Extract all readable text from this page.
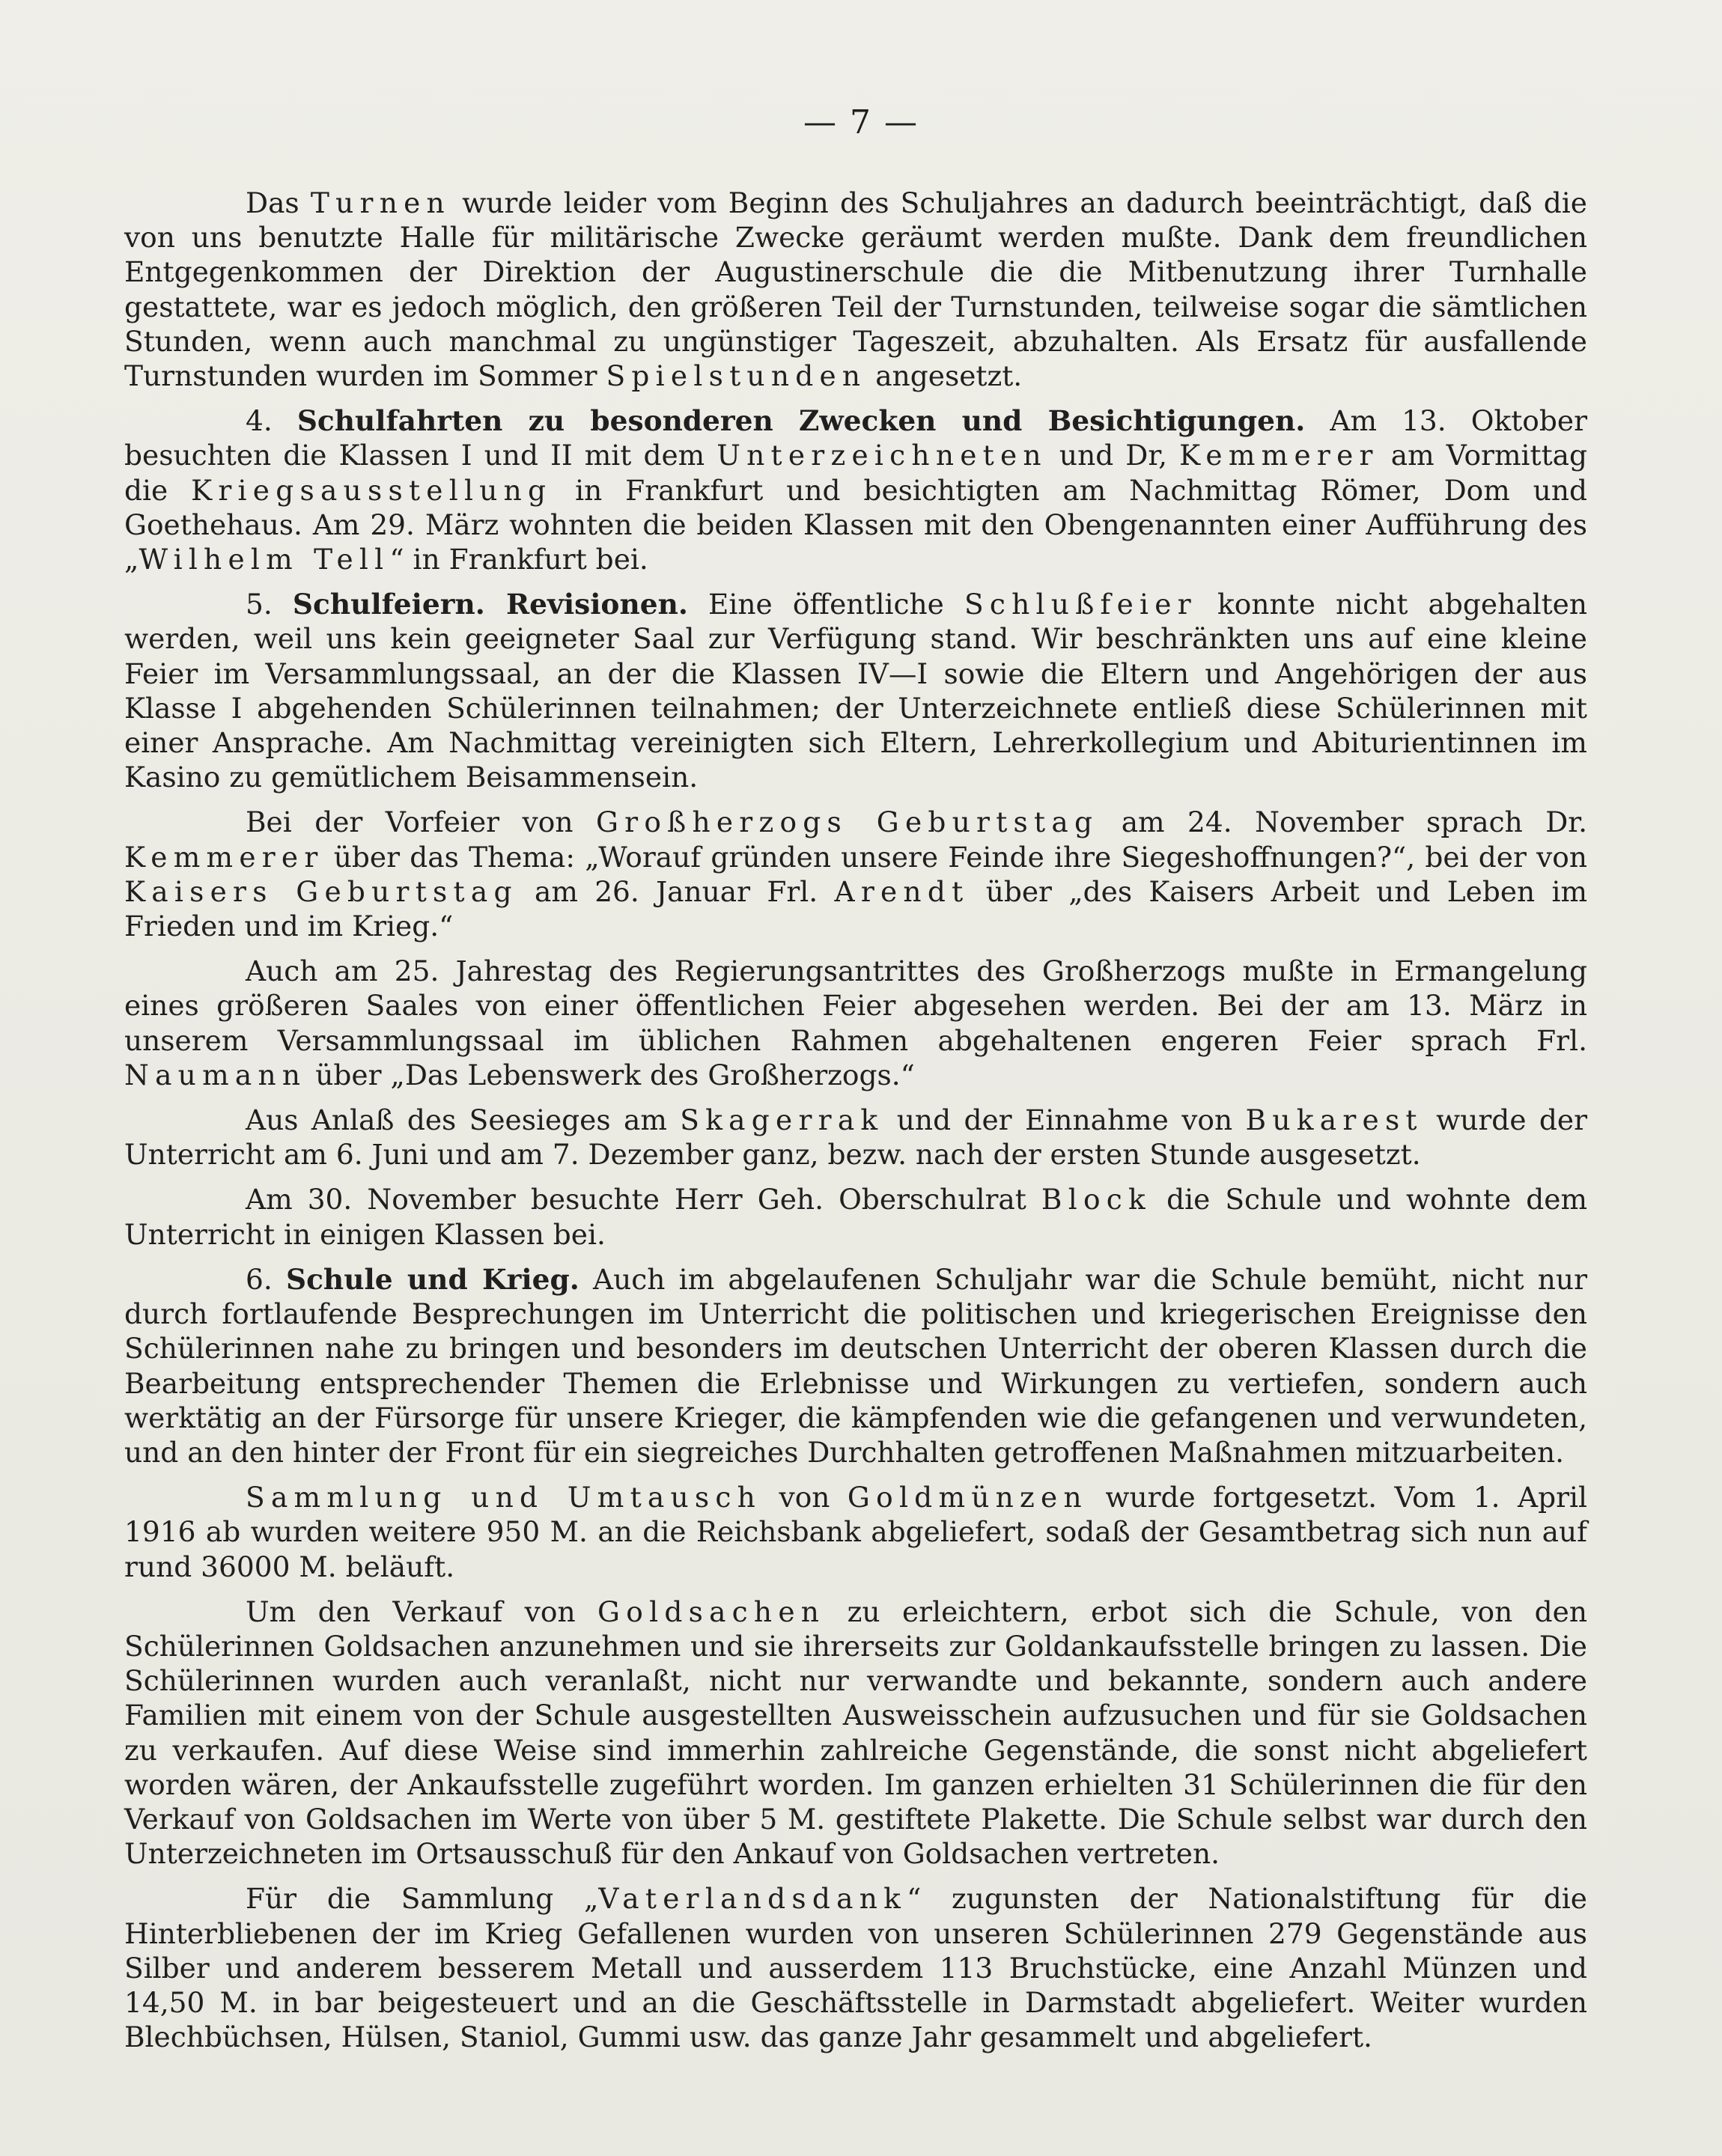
— 7 —

Das Turnen wurde leider vom Beginn des Schuljahres an dadurch beeinträchtigt, daß die von uns benutzte Halle für militärische Zwecke geräumt werden mußte. Dank dem freundlichen Entgegenkommen der Direktion der Augustinerschule die die Mitbenutzung ihrer Turnhalle gestattete, war es jedoch möglich, den größeren Teil der Turnstunden, teilweise sogar die sämtlichen Stunden, wenn auch manchmal zu ungünstiger Tageszeit, abzuhalten. Als Ersatz für ausfallende Turnstunden wurden im Sommer Spielstunden angesetzt.

4. Schulfahrten zu besonderen Zwecken und Besichtigungen. Am 13. Oktober besuchten die Klassen I und II mit dem Unterzeichneten und Dr, Kemmerer am Vormittag die Kriegsausstellung in Frankfurt und besichtigten am Nachmittag Römer, Dom und Goethehaus. Am 29. März wohnten die beiden Klassen mit den Obengenannten einer Aufführung des „Wilhelm Tell“ in Frankfurt bei.

5. Schulfeiern. Revisionen. Eine öffentliche Schlußfeier konnte nicht abgehalten werden, weil uns kein geeigneter Saal zur Verfügung stand. Wir beschränkten uns auf eine kleine Feier im Versammlungssaal, an der die Klassen IV—I sowie die Eltern und Angehörigen der aus Klasse I abgehenden Schülerinnen teilnahmen; der Unterzeichnete entließ diese Schülerinnen mit einer Ansprache. Am Nachmittag vereinigten sich Eltern, Lehrerkollegium und Abiturientinnen im Kasino zu gemütlichem Beisammensein.

Bei der Vorfeier von Großherzogs Geburtstag am 24. November sprach Dr. Kemmerer über das Thema: „Worauf gründen unsere Feinde ihre Siegeshoffnungen?“, bei der von Kaisers Geburtstag am 26. Januar Frl. Arendt über „des Kaisers Arbeit und Leben im Frieden und im Krieg.“

Auch am 25. Jahrestag des Regierungsantrittes des Großherzogs mußte in Ermangelung eines größeren Saales von einer öffentlichen Feier abgesehen werden. Bei der am 13. März in unserem Versammlungssaal im üblichen Rahmen abgehaltenen engeren Feier sprach Frl. Naumann über „Das Lebenswerk des Großherzogs.“

Aus Anlaß des Seesieges am Skagerrak und der Einnahme von Bukarest wurde der Unterricht am 6. Juni und am 7. Dezember ganz, bezw. nach der ersten Stunde ausgesetzt.

Am 30. November besuchte Herr Geh. Oberschulrat Block die Schule und wohnte dem Unterricht in einigen Klassen bei.

6. Schule und Krieg. Auch im abgelaufenen Schuljahr war die Schule bemüht, nicht nur durch fortlaufende Besprechungen im Unterricht die politischen und kriegerischen Ereignisse den Schülerinnen nahe zu bringen und besonders im deutschen Unterricht der oberen Klassen durch die Bearbeitung entsprechender Themen die Erlebnisse und Wirkungen zu vertiefen, sondern auch werktätig an der Fürsorge für unsere Krieger, die kämpfenden wie die gefangenen und verwundeten, und an den hinter der Front für ein siegreiches Durchhalten getroffenen Maßnahmen mitzuarbeiten.

Sammlung und Umtausch von Goldmünzen wurde fortgesetzt. Vom 1. April 1916 ab wurden weitere 950 M. an die Reichsbank abgeliefert, sodaß der Gesamtbetrag sich nun auf rund 36000 M. beläuft.

Um den Verkauf von Goldsachen zu erleichtern, erbot sich die Schule, von den Schülerinnen Goldsachen anzunehmen und sie ihrerseits zur Goldankaufsstelle bringen zu lassen. Die Schülerinnen wurden auch veranlaßt, nicht nur verwandte und bekannte, sondern auch andere Familien mit einem von der Schule ausgestellten Ausweisschein aufzusuchen und für sie Goldsachen zu verkaufen. Auf diese Weise sind immerhin zahlreiche Gegenstände, die sonst nicht abgeliefert worden wären, der Ankaufsstelle zugeführt worden. Im ganzen erhielten 31 Schülerinnen die für den Verkauf von Goldsachen im Werte von über 5 M. gestiftete Plakette. Die Schule selbst war durch den Unterzeichneten im Ortsausschuß für den Ankauf von Goldsachen vertreten.

Für die Sammlung „Vaterlandsdank“ zugunsten der Nationalstiftung für die Hinterbliebenen der im Krieg Gefallenen wurden von unseren Schülerinnen 279 Gegenstände aus Silber und anderem besserem Metall und ausserdem 113 Bruchstücke, eine Anzahl Münzen und 14,50 M. in bar beigesteuert und an die Geschäftsstelle in Darmstadt abgeliefert. Weiter wurden Blechbüchsen, Hülsen, Staniol, Gummi usw. das ganze Jahr gesammelt und abgeliefert.
